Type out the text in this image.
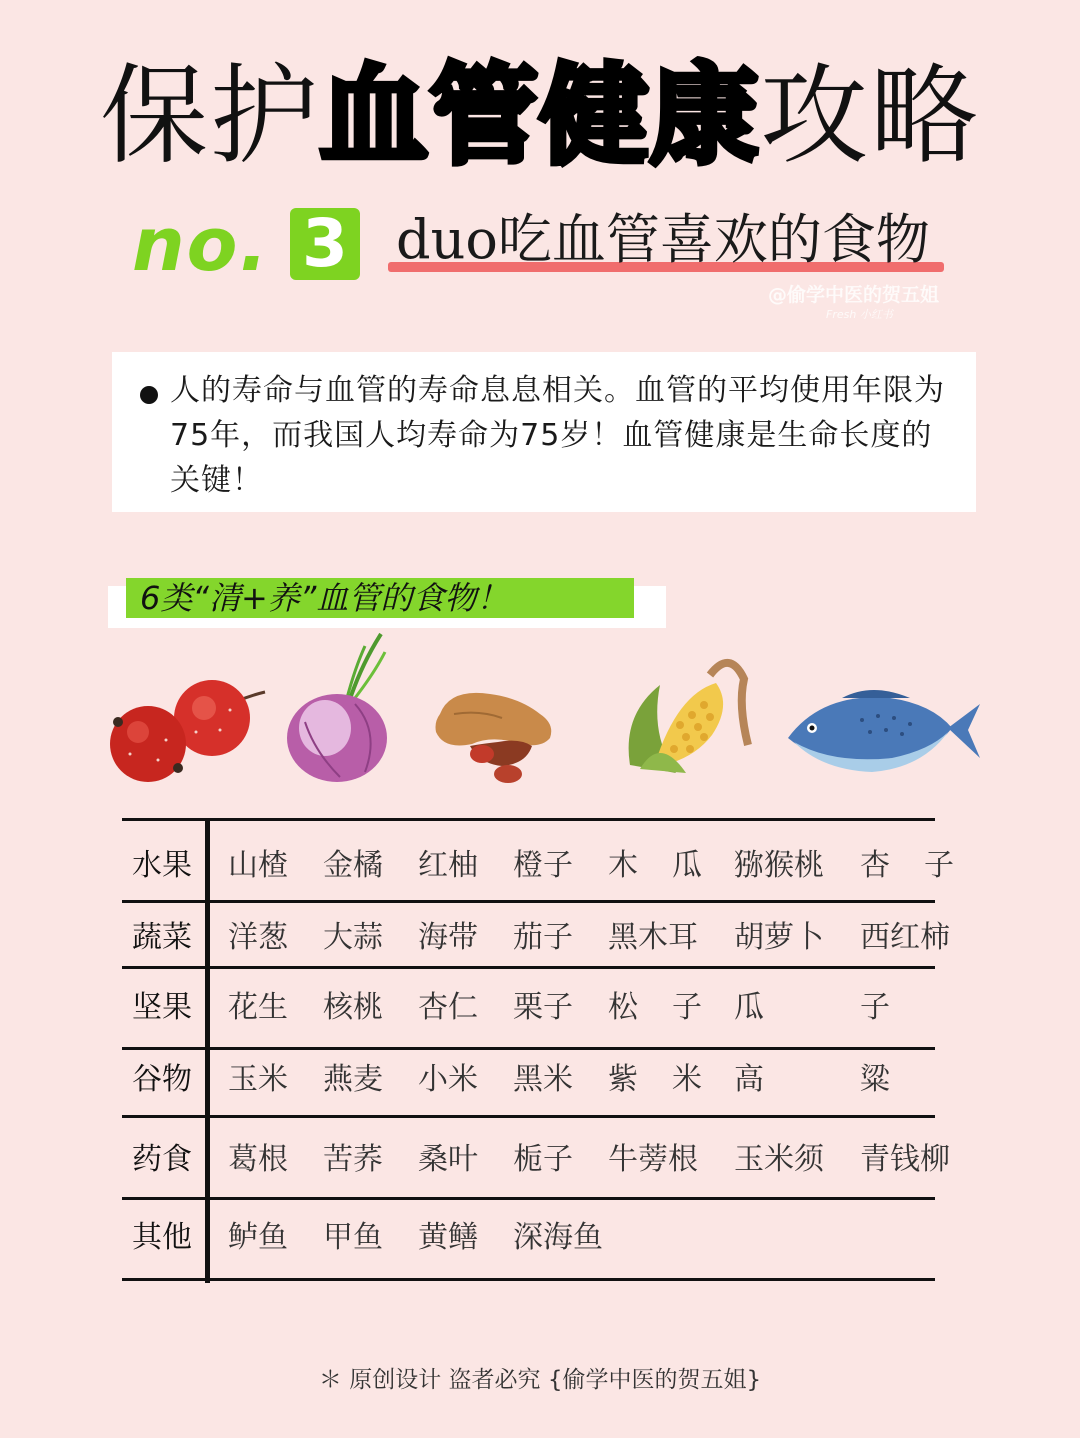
保护血管健康攻略
no. 3 duo吃血管喜欢的食物
@偷学中医的贺五姐
Fresh 小红书
人的寿命与血管的寿命息息相关。血管的平均使用年限为75年，而我国人均寿命为75岁！血管健康是生命长度的关键！
6类“清+养”血管的食物！
水果	山楂 金橘 红柚 橙子 木 瓜 猕猴桃 杏 子
蔬菜	洋葱 大蒜 海带 茄子 黑木耳 胡萝卜 西红柿
坚果	花生 核桃 杏仁 栗子 松 子 瓜	子
谷物	玉米 燕麦 小米 黑米 紫 米 高	粱
药食	葛根 苦荞 桑叶 栀子 牛蒡根 玉米须 青钱柳
其他	鲈鱼 甲鱼 黄鳝 深海鱼
＊ 原创设计 盗者必究 {偷学中医的贺五姐}
